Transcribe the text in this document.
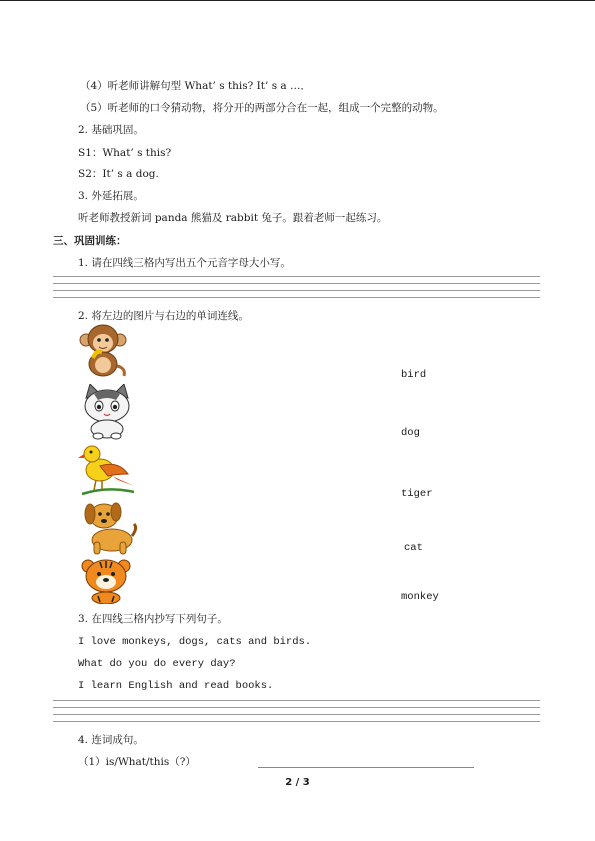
（4）听老师讲解句型 What’ s this? It’ s a …．
（5）听老师的口令猜动物，将分开的两部分合在一起，组成一个完整的动物。
2. 基础巩固。
S1：What’ s this?
S2：It’ s a dog.
3. 外延拓展。
听老师教授新词 panda 熊猫及 rabbit 兔子。跟着老师一起练习。
三、巩固训练：
1. 请在四线三格内写出五个元音字母大小写。
2. 将左边的图片与右边的单词连线。
bird
dog
tiger
cat
monkey
3. 在四线三格内抄写下列句子。
I love monkeys, dogs, cats and birds.
What do you do every day?
I learn English and read books.
4. 连词成句。
（1）is/What/this（?）
2 / 3
